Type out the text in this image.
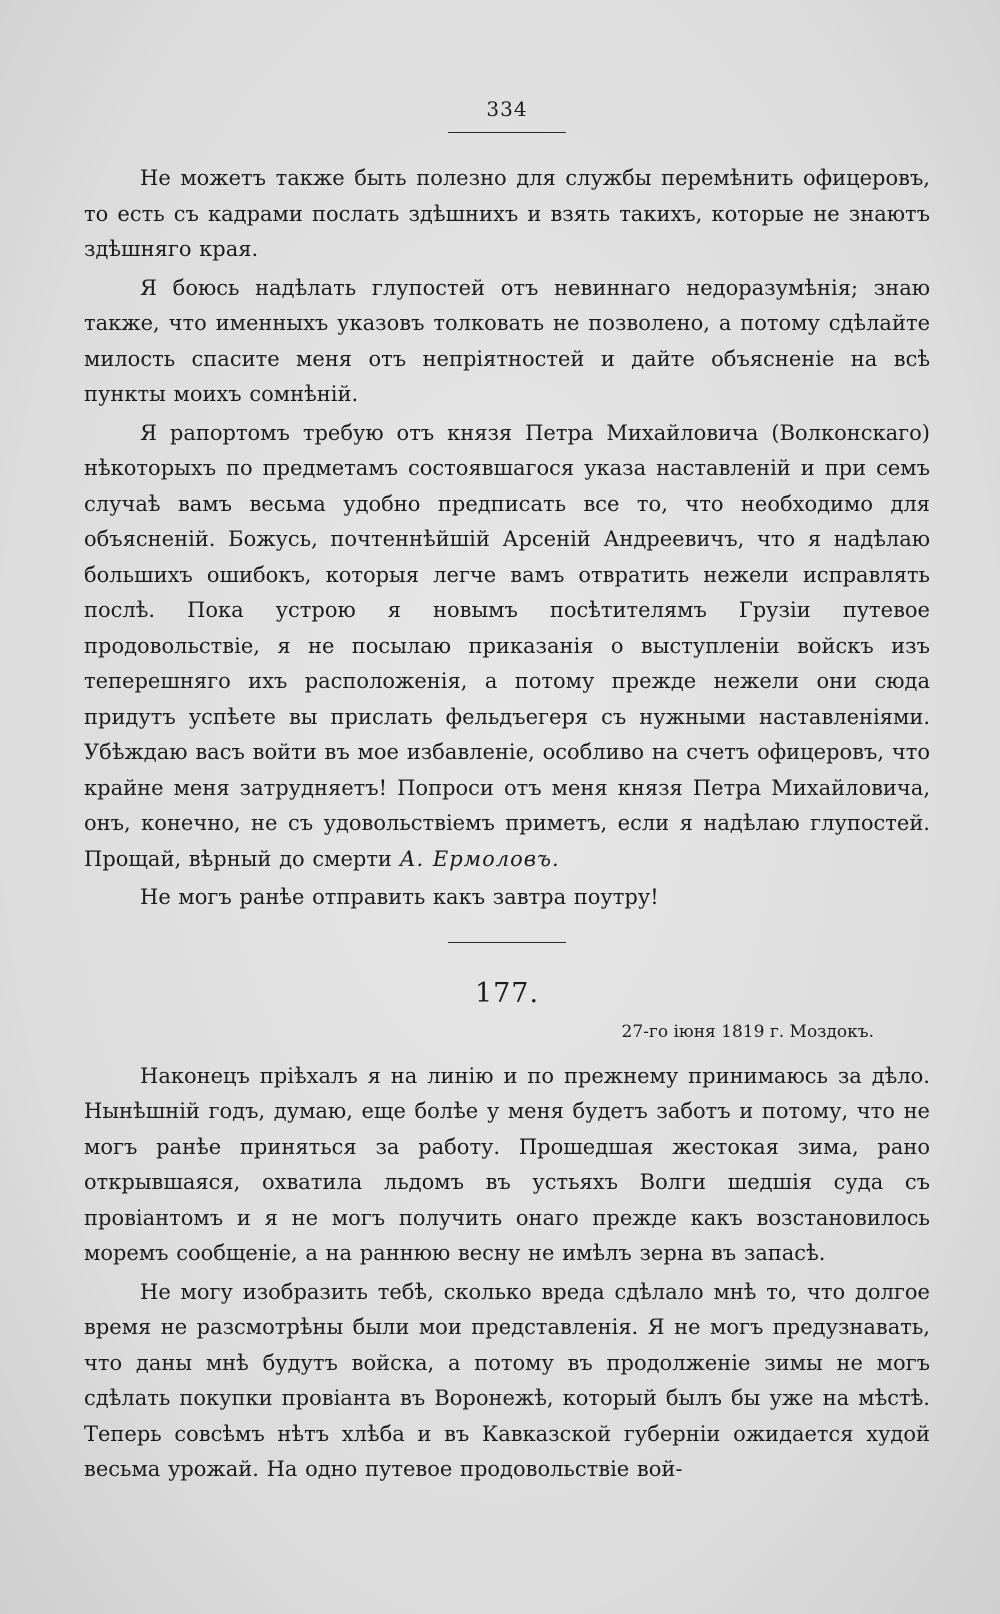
334

Не можетъ также быть полезно для службы перемѣнить офицеровъ, то есть съ кадрами послать здѣшнихъ и взять такихъ, которые не знаютъ здѣшняго края.

Я боюсь надѣлать глупостей отъ невиннаго недоразумѣнія; знаю также, что именныхъ указовъ толковать не позволено, а потому сдѣлайте милость спасите меня отъ непріятностей и дайте объясненіе на всѣ пункты моихъ сомнѣній.

Я рапортомъ требую отъ князя Петра Михайловича (Волконскаго) нѣкоторыхъ по предметамъ состоявшагося указа наставленій и при семъ случаѣ вамъ весьма удобно предписать все то, что необходимо для объясненій. Божусь, почтеннѣйшій Арсеній Андреевичъ, что я надѣлаю большихъ ошибокъ, которыя легче вамъ отвратить нежели исправлять послѣ. Пока устрою я новымъ посѣтителямъ Грузіи путевое продовольствіе, я не посылаю приказанія о выступленіи войскъ изъ теперешняго ихъ расположенія, а потому прежде нежели они сюда придутъ успѣете вы прислать фельдъегеря съ нужными наставленіями. Убѣждаю васъ войти въ мое избавленіе, особливо на счетъ офицеровъ, что крайне меня затрудняетъ! Попроси отъ меня князя Петра Михайловича, онъ, конечно, не съ удовольствіемъ приметъ, если я надѣлаю глупостей. Прощай, вѣрный до смерти А. Ермоловъ.

Не могъ ранѣе отправить какъ завтра поутру!

177.
27-го іюня 1819 г. Моздокъ.

Наконецъ пріѣхалъ я на линію и по прежнему принимаюсь за дѣло. Нынѣшній годъ, думаю, еще болѣе у меня будетъ заботъ и потому, что не могъ ранѣе приняться за работу. Прошедшая жестокая зима, рано открывшаяся, охватила льдомъ въ устьяхъ Волги шедшія суда съ провіантомъ и я не могъ получить онаго прежде какъ возстановилось моремъ сообщеніе, а на раннюю весну не имѣлъ зерна въ запасѣ.

Не могу изобразить тебѣ, сколько вреда сдѣлало мнѣ то, что долгое время не разсмотрѣны были мои представленія. Я не могъ предузнавать, что даны мнѣ будутъ войска, а потому въ продолженіе зимы не могъ сдѣлать покупки провіанта въ Воронежѣ, который былъ бы уже на мѣстѣ. Теперь совсѣмъ нѣтъ хлѣба и въ Кавказской губерніи ожидается худой весьма урожай. На одно путевое продовольствіе вой-
